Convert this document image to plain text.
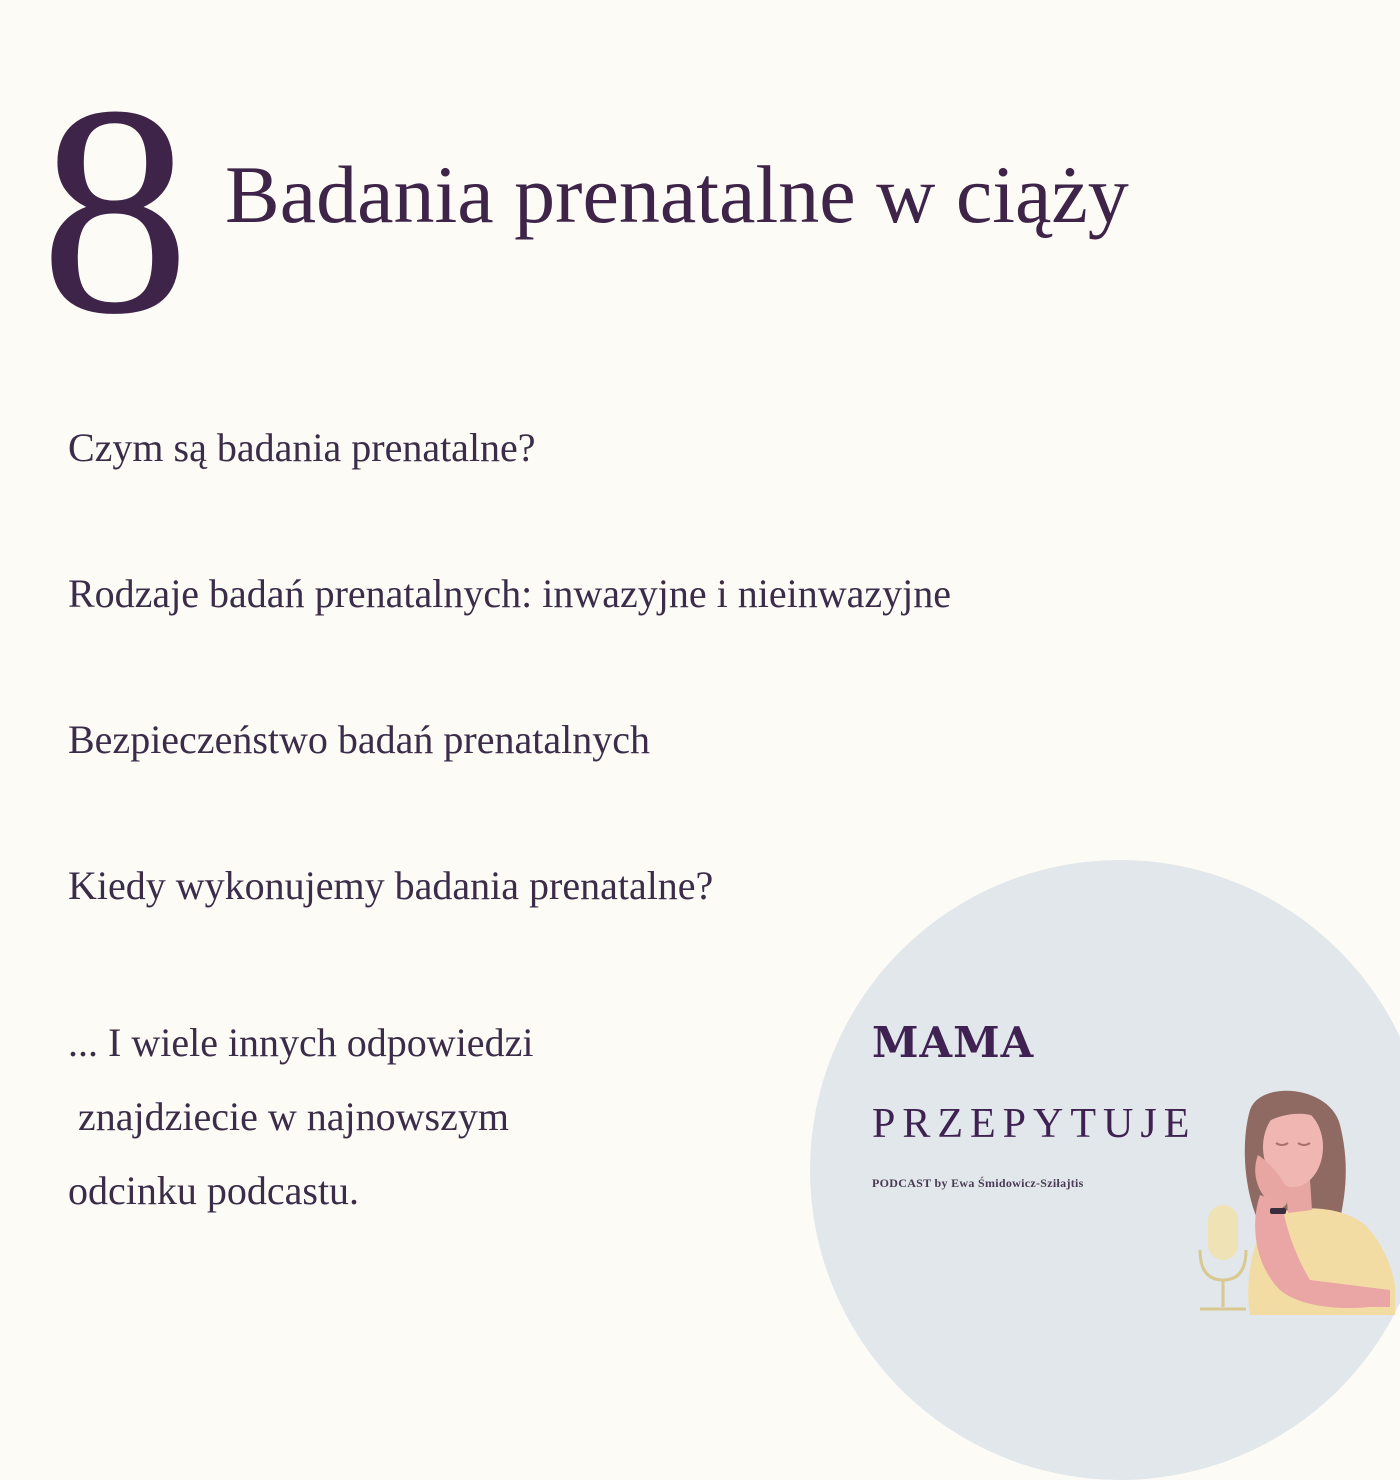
8 Badania prenatalne w ciąży
Czym są badania prenatalne?
Rodzaje badań prenatalnych: inwazyjne i nieinwazyjne
Bezpieczeństwo badań prenatalnych
Kiedy wykonujemy badania prenatalne?
... I wiele innych odpowiedzi
znajdziecie w najnowszym
odcinku podcastu.
MAMA
PRZEPYTUJE
PODCAST by Ewa Śmidowicz-Sziłajtis
